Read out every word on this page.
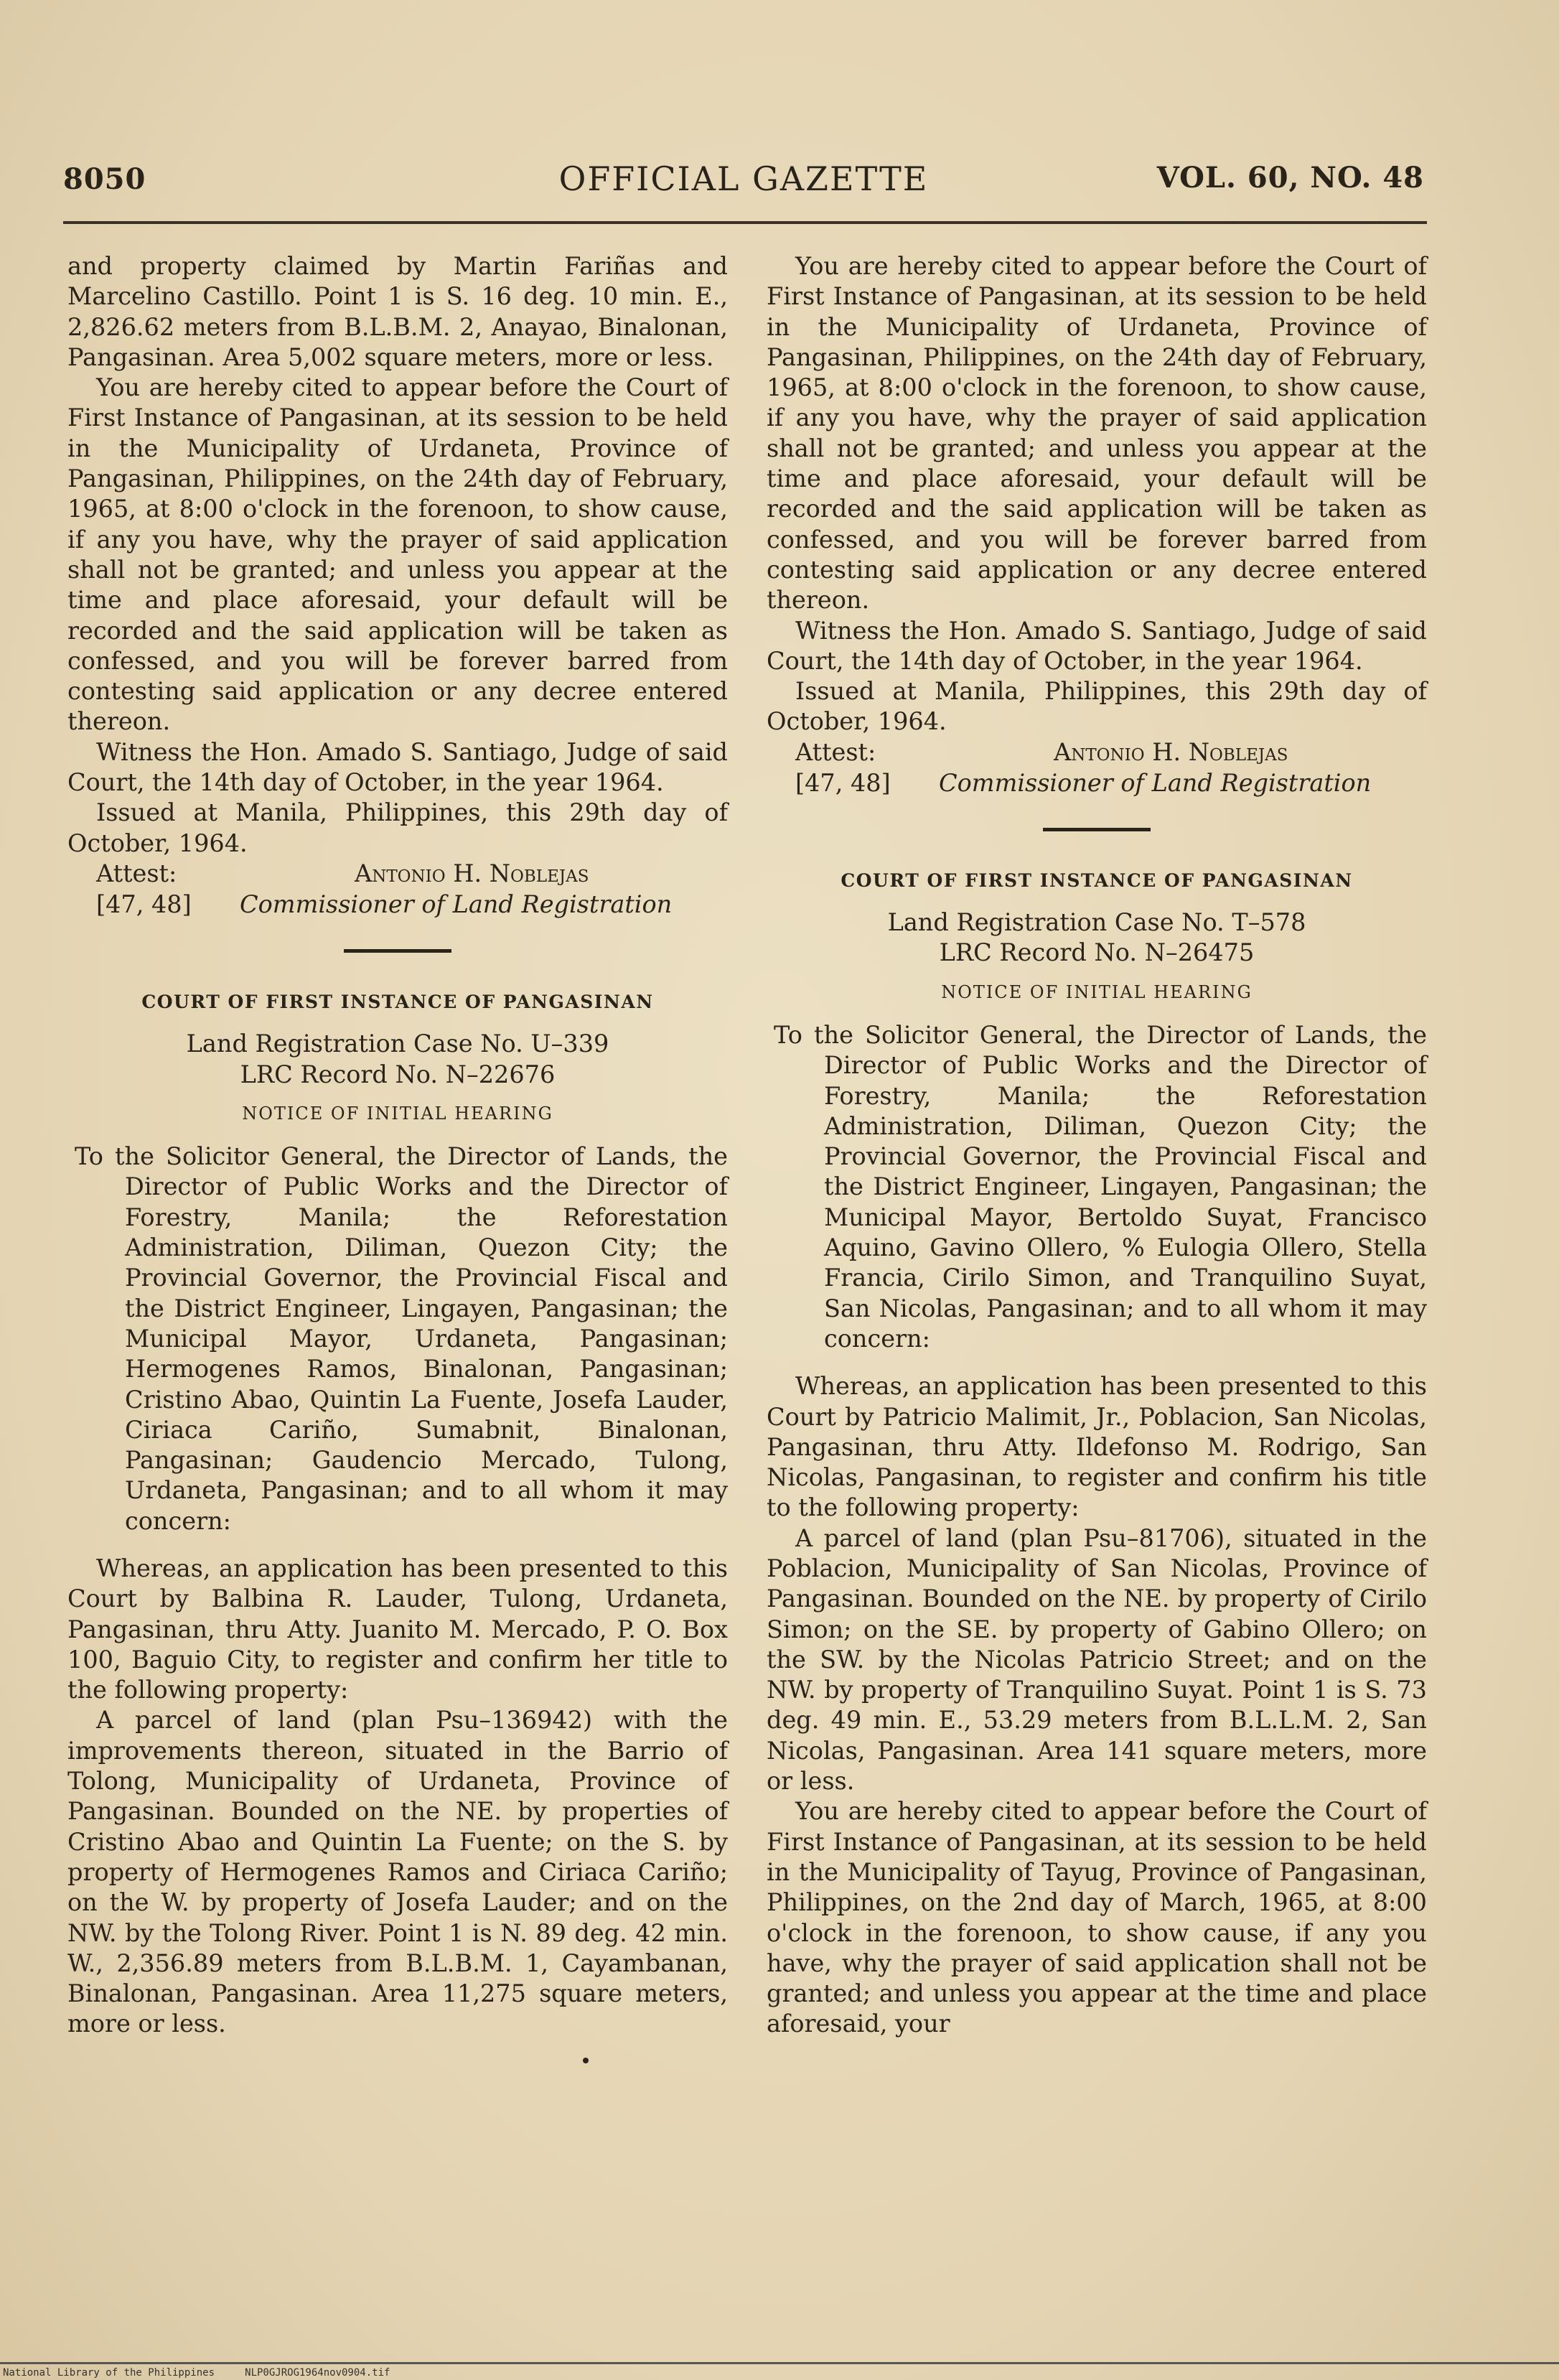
8050	OFFICIAL GAZETTE	VOL. 60, NO. 48

and property claimed by Martin Fariñas and Marcelino Castillo. Point 1 is S. 16 deg. 10 min. E., 2,826.62 meters from B.L.B.M. 2, Anayao, Binalonan, Pangasinan. Area 5,002 square meters, more or less.

You are hereby cited to appear before the Court of First Instance of Pangasinan, at its session to be held in the Municipality of Urdaneta, Province of Pangasinan, Philippines, on the 24th day of February, 1965, at 8:00 o'clock in the forenoon, to show cause, if any you have, why the prayer of said application shall not be granted; and unless you appear at the time and place aforesaid, your default will be recorded and the said application will be taken as confessed, and you will be forever barred from contesting said application or any decree entered thereon.

Witness the Hon. Amado S. Santiago, Judge of said Court, the 14th day of October, in the year 1964.

Issued at Manila, Philippines, this 29th day of October, 1964.

Attest:	Antonio H. Noblejas
[47, 48] Commissioner of Land Registration
COURT OF FIRST INSTANCE OF PANGASINAN

Land Registration Case No. U–339

LRC Record No. N–22676

NOTICE OF INITIAL HEARING

To the Solicitor General, the Director of Lands, the Director of Public Works and the Director of Forestry, Manila; the Reforestation Administration, Diliman, Quezon City; the Provincial Governor, the Provincial Fiscal and the District Engineer, Lingayen, Pangasinan; the Municipal Mayor, Urdaneta, Pangasinan; Hermogenes Ramos, Binalonan, Pangasinan; Cristino Abao, Quintin La Fuente, Josefa Lauder, Ciriaca Cariño, Sumabnit, Binalonan, Pangasinan; Gaudencio Mercado, Tulong, Urdaneta, Pangasinan; and to all whom it may concern:

Whereas, an application has been presented to this Court by Balbina R. Lauder, Tulong, Urdaneta, Pangasinan, thru Atty. Juanito M. Mercado, P. O. Box 100, Baguio City, to register and confirm her title to the following property:

A parcel of land (plan Psu–136942) with the improvements thereon, situated in the Barrio of Tolong, Municipality of Urdaneta, Province of Pangasinan. Bounded on the NE. by properties of Cristino Abao and Quintin La Fuente; on the S. by property of Hermogenes Ramos and Ciriaca Cariño; on the W. by property of Josefa Lauder; and on the NW. by the Tolong River. Point 1 is N. 89 deg. 42 min. W., 2,356.89 meters from B.L.B.M. 1, Cayambanan, Binalonan, Pangasinan. Area 11,275 square meters, more or less.

You are hereby cited to appear before the Court of First Instance of Pangasinan, at its session to be held in the Municipality of Urdaneta, Province of Pangasinan, Philippines, on the 24th day of February, 1965, at 8:00 o'clock in the forenoon, to show cause, if any you have, why the prayer of said application shall not be granted; and unless you appear at the time and place aforesaid, your default will be recorded and the said application will be taken as confessed, and you will be forever barred from contesting said application or any decree entered thereon.

Witness the Hon. Amado S. Santiago, Judge of said Court, the 14th day of October, in the year 1964.

Issued at Manila, Philippines, this 29th day of October, 1964.

Attest:	Antonio H. Noblejas
[47, 48] Commissioner of Land Registration
COURT OF FIRST INSTANCE OF PANGASINAN

Land Registration Case No. T–578

LRC Record No. N–26475

NOTICE OF INITIAL HEARING

To the Solicitor General, the Director of Lands, the Director of Public Works and the Director of Forestry, Manila; the Reforestation Administration, Diliman, Quezon City; the Provincial Governor, the Provincial Fiscal and the District Engineer, Lingayen, Pangasinan; the Municipal Mayor, Bertoldo Suyat, Francisco Aquino, Gavino Ollero, % Eulogia Ollero, Stella Francia, Cirilo Simon, and Tranquilino Suyat, San Nicolas, Pangasinan; and to all whom it may concern:

Whereas, an application has been presented to this Court by Patricio Malimit, Jr., Poblacion, San Nicolas, Pangasinan, thru Atty. Ildefonso M. Rodrigo, San Nicolas, Pangasinan, to register and confirm his title to the following property:

A parcel of land (plan Psu–81706), situated in the Poblacion, Municipality of San Nicolas, Province of Pangasinan. Bounded on the NE. by property of Cirilo Simon; on the SE. by property of Gabino Ollero; on the SW. by the Nicolas Patricio Street; and on the NW. by property of Tranquilino Suyat. Point 1 is S. 73 deg. 49 min. E., 53.29 meters from B.L.L.M. 2, San Nicolas, Pangasinan. Area 141 square meters, more or less.

You are hereby cited to appear before the Court of First Instance of Pangasinan, at its session to be held in the Municipality of Tayug, Province of Pangasinan, Philippines, on the 2nd day of March, 1965, at 8:00 o'clock in the forenoon, to show cause, if any you have, why the prayer of said application shall not be granted; and unless you appear at the time and place aforesaid, your

National Library of the Philippines     NLP0GJROG1964nov0904.tif
